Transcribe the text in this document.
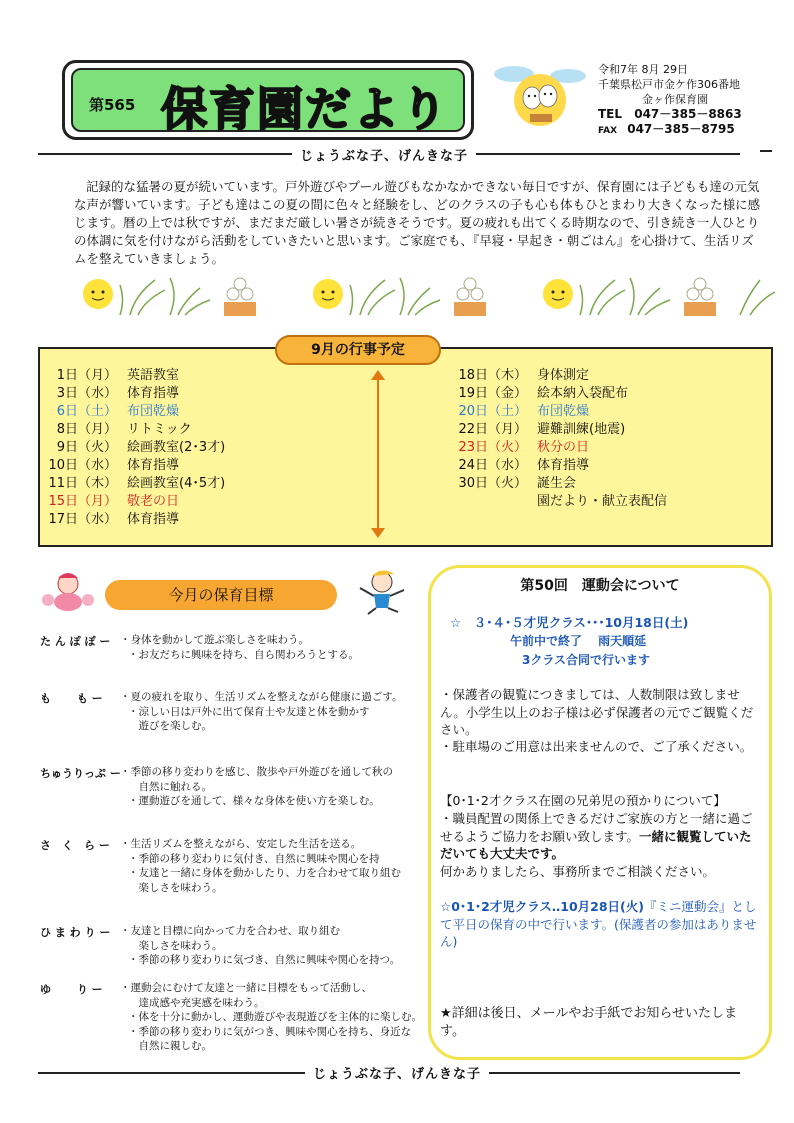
第565 保育園だより
令和7年 8月 29日
千葉県松戸市金ケ作306番地
金ヶ作保育園
TEL 047－385－8863
FAX 047－385－8795
じょうぶな子、げんきな子
記録的な猛暑の夏が続いています。戸外遊びやプール遊びもなかなかできない毎日ですが、保育園には子どもも達の元気な声が響いています。子ども達はこの夏の間に色々と経験をし、どのクラスの子も心も体もひとまわり大きくなった様に感じます。暦の上では秋ですが、まだまだ厳しい暑さが続きそうです。夏の疲れも出てくる時期なので、引き続き一人ひとりの体調に気を付けながら活動をしていきたいと思います。ご家庭でも、『早寝・早起き・朝ごはん』を心掛けて、生活リズムを整えていきましょう。
9月の行事予定
1日（月） 英語教室
3日（水） 体育指導
6日（土） 布団乾燥
8日（月） リトミック
9日（火） 絵画教室(2･3才)
10日（水） 体育指導
11日（木） 絵画教室(4･5才)
15日（月） 敬老の日
17日（水） 体育指導
18日（木） 身体測定
19日（金） 絵本納入袋配布
20日（土） 布団乾燥
22日（月） 避難訓練(地震)
23日（火） 秋分の日
24日（水） 体育指導
30日（火） 誕生会
園だより・献立表配信
今月の保育目標
た ん ぽ ぽ ー ・身体を動かして遊ぶ楽しさを味わう。
・お友だちに興味を持ち、自ら関わろうとする。
も　　 も ー ・夏の疲れを取り、生活リズムを整えながら健康に過ごす。
・涼しい日は戸外に出て保育士や友達と体を動かす
　遊びを楽しむ。
ちゅうりっぷ ー ・季節の移り変わりを感じ、散歩や戸外遊びを通して秋の
　自然に触れる。
・運動遊びを通して、様々な身体を使い方を楽しむ。
さ　く　ら ー ・生活リズムを整えながら、安定した生活を送る。
・季節の移り変わりに気付き、自然に興味や関心を持
・友達と一緒に身体を動かしたり、力を合わせて取り組む
　楽しさを味わう。
ひ ま わ り ー ・友達と目標に向かって力を合わせ、取り組む
　楽しさを味わう。
・季節の移り変わりに気づき、自然に興味や関心を持つ。
ゆ　　 り ー ・運動会にむけて友達と一緒に目標をもって活動し、
　達成感や充実感を味わう。
・体を十分に動かし、運動遊びや表現遊びを主体的に楽しむ。
・季節の移り変わりに気がつき、興味や関心を持ち、身近な
　自然に親しむ。
第50回　運動会について
☆　３･４･５才児クラス･･･10月18日(土)
午前中で終了　 雨天順延
3クラス合同で行います
・保護者の観覧につきましては、人数制限は致しません。小学生以上のお子様は必ず保護者の元でご観覧ください。
・駐車場のご用意は出来ませんので、ご了承ください。
【0･1･2才クラス在園の兄弟児の預かりについて】
・職員配置の関係上できるだけご家族の方と一緒に過ごせるようご協力をお願い致します。一緒に観覧していただいても大丈夫です。
何かありましたら、事務所までご相談ください。
☆0･1･2才児クラス‥10月28日(火)『ミニ運動会』として平日の保育の中で行います。(保護者の参加はありません)
★詳細は後日、メールやお手紙でお知らせいたします。
じょうぶな子、げんきな子
